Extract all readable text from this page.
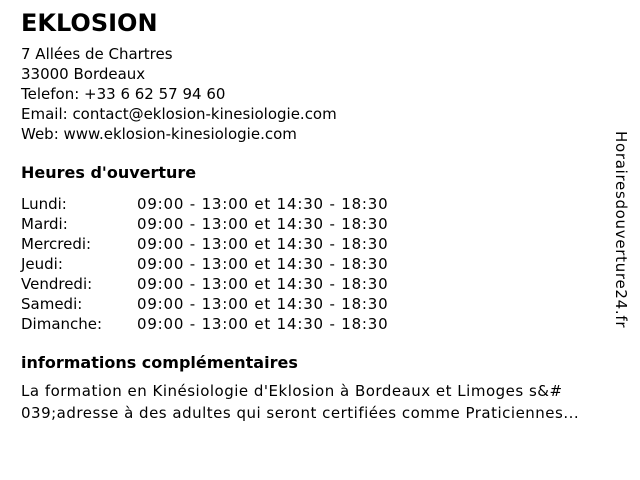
EKLOSION
7 Allées de Chartres
33000 Bordeaux
Telefon: +33 6 62 57 94 60
Email: contact@eklosion-kinesiologie.com
Web: www.eklosion-kinesiologie.com
Heures d'ouverture
Lundi:	09:00 - 13:00 et 14:30 - 18:30
Mardi:	09:00 - 13:00 et 14:30 - 18:30
Mercredi:	09:00 - 13:00 et 14:30 - 18:30
Jeudi:	09:00 - 13:00 et 14:30 - 18:30
Vendredi:	09:00 - 13:00 et 14:30 - 18:30
Samedi:	09:00 - 13:00 et 14:30 - 18:30
Dimanche:	09:00 - 13:00 et 14:30 - 18:30
informations complémentaires
La formation en Kinésiologie d'Eklosion à Bordeaux et Limoges s&#
039;adresse à des adultes qui seront certifiées comme Praticiennes...
Horairesdouverture24.fr
